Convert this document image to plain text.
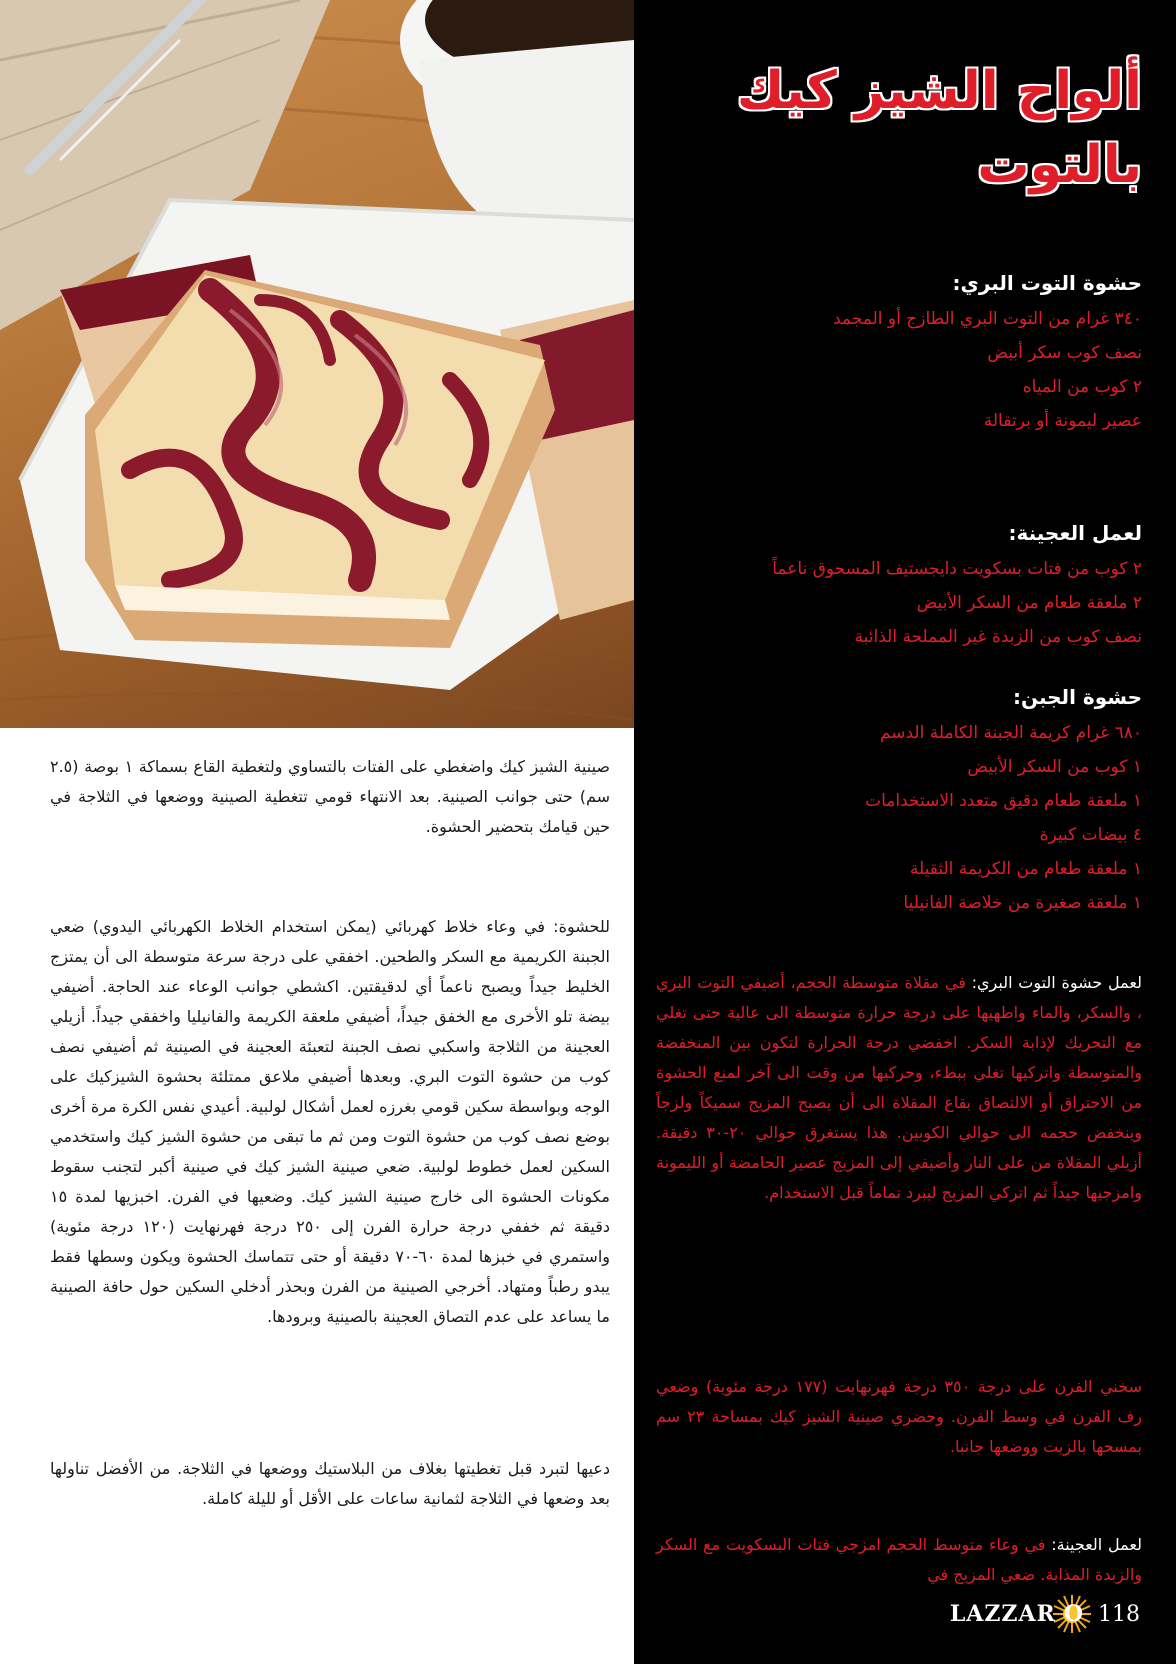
ألواح الشيز كيك
بالتوت
حشوة التوت البري:
٣٤٠ غرام من التوت البري الطازج أو المجمد
نصف كوب سكر أبيض
٢ كوب من المياه
عصير ليمونة أو برتقالة
لعمل العجينة:
٢ كوب من فتات بسكويت دايجستيف المسحوق ناعماً
٢ ملعقة طعام من السكر الأبيض
نصف كوب من الزبدة غير المملحة الذائبة
حشوة الجبن:
٦٨٠ غرام كريمة الجبنة الكاملة الدسم
١ كوب من السكر الأبيض
١ ملعقة طعام دقيق متعدد الاستخدامات
٤ بيضات كبيرة
١ ملعقة طعام من الكريمة الثقيلة
١ ملعقة صغيرة من خلاصة الفانيليا

لعمل حشوة التوت البري: في مقلاة متوسطة الحجم، أضيفي التوت البري ، والسكر، والماء واطهيها على درجة حرارة متوسطة الى عالية حتى تغلي مع التحريك لإذابة السكر. اخفضي درجة الحرارة لتكون بين المنخفضة والمتوسطة واتركيها تغلي ببطء، وحركيها من وقت الى آخر لمنع الحشوة من الاحتراق أو الالتصاق بقاع المقلاة الى أن يصبح المزيج سميكاً ولزجاً وينخفض حجمه الى حوالي الكوبين. هذا يستغرق حوالي ٢٠-٣٠ دقيقة. أزيلي المقلاة من على النار وأضيفي إلى المزيج عصير الحامضة أو الليمونة وامزجيها جيداً ثم اتركي المزيج ليبرد تماماً قبل الاستخدام.

سخني الفرن على درجة ٣٥٠ درجة فهرنهايت (١٧٧ درجة مئوية) وضعي رف الفرن في وسط الفرن. وحضري صينية الشيز كيك بمساحة ٢٣ سم بمسحها بالزيت ووضعها جانبا.

لعمل العجينة: في وعاء متوسط الحجم امزجي فتات البسكويت مع السكر والزبدة المذابة. ضعي المزيج في

صينية الشيز كيك واضغطي على الفتات بالتساوي ولتغطية القاع بسماكة ١ بوصة (٢.٥ سم) حتى جوانب الصينية. بعد الانتهاء قومي تتغطية الصينية ووضعها في الثلاجة في حين قيامك بتحضير الحشوة.

للحشوة: في وعاء خلاط كهربائي (يمكن استخدام الخلاط الكهربائي اليدوي) ضعي الجبنة الكريمية مع السكر والطحين. اخفقي على درجة سرعة متوسطة الى أن يمتزج الخليط جيداً ويصبح ناعماً أي لدقيقتين. اكشطي جوانب الوعاء عند الحاجة. أضيفي بيضة تلو الأخرى مع الخفق جيداً، أضيفي ملعقة الكريمة والفانيليا واخفقي جيداً. أزيلي العجينة من الثلاجة واسكبي نصف الجبنة لتعبئة العجينة في الصينية ثم أضيفي نصف كوب من حشوة التوت البري. وبعدها أضيفي ملاعق ممتلئة بحشوة الشيزكيك على الوجه وبواسطة سكين قومي بغرزه لعمل أشكال لولبية. أعيدي نفس الكرة مرة أخرى بوضع نصف كوب من حشوة التوت ومن ثم ما تبقى من حشوة الشيز كيك واستخدمي السكين لعمل خطوط لولبية. ضعي صينية الشيز كيك في صينية أكبر لتجنب سقوط مكونات الحشوة الى خارج صينية الشيز كيك. وضعيها في الفرن. اخبزيها لمدة ١٥ دقيقة ثم خففي درجة حرارة الفرن إلى ٢٥٠ درجة فهرنهايت (١٢٠ درجة مئوية) واستمري في خبزها لمدة ٦٠-٧٠ دقيقة أو حتى تتماسك الحشوة ويكون وسطها فقط يبدو رطباً ومتهاد. أخرجي الصينية من الفرن وبحذر أدخلي السكين حول حافة الصينية ما يساعد على عدم التصاق العجينة بالصينية وبرودها.

دعيها لتبرد قبل تغطيتها بغلاف من البلاستيك ووضعها في الثلاجة. من الأفضل تناولها بعد وضعها في الثلاجة لثمانية ساعات على الأقل أو لليلة كاملة.

LAZZAR O 118
